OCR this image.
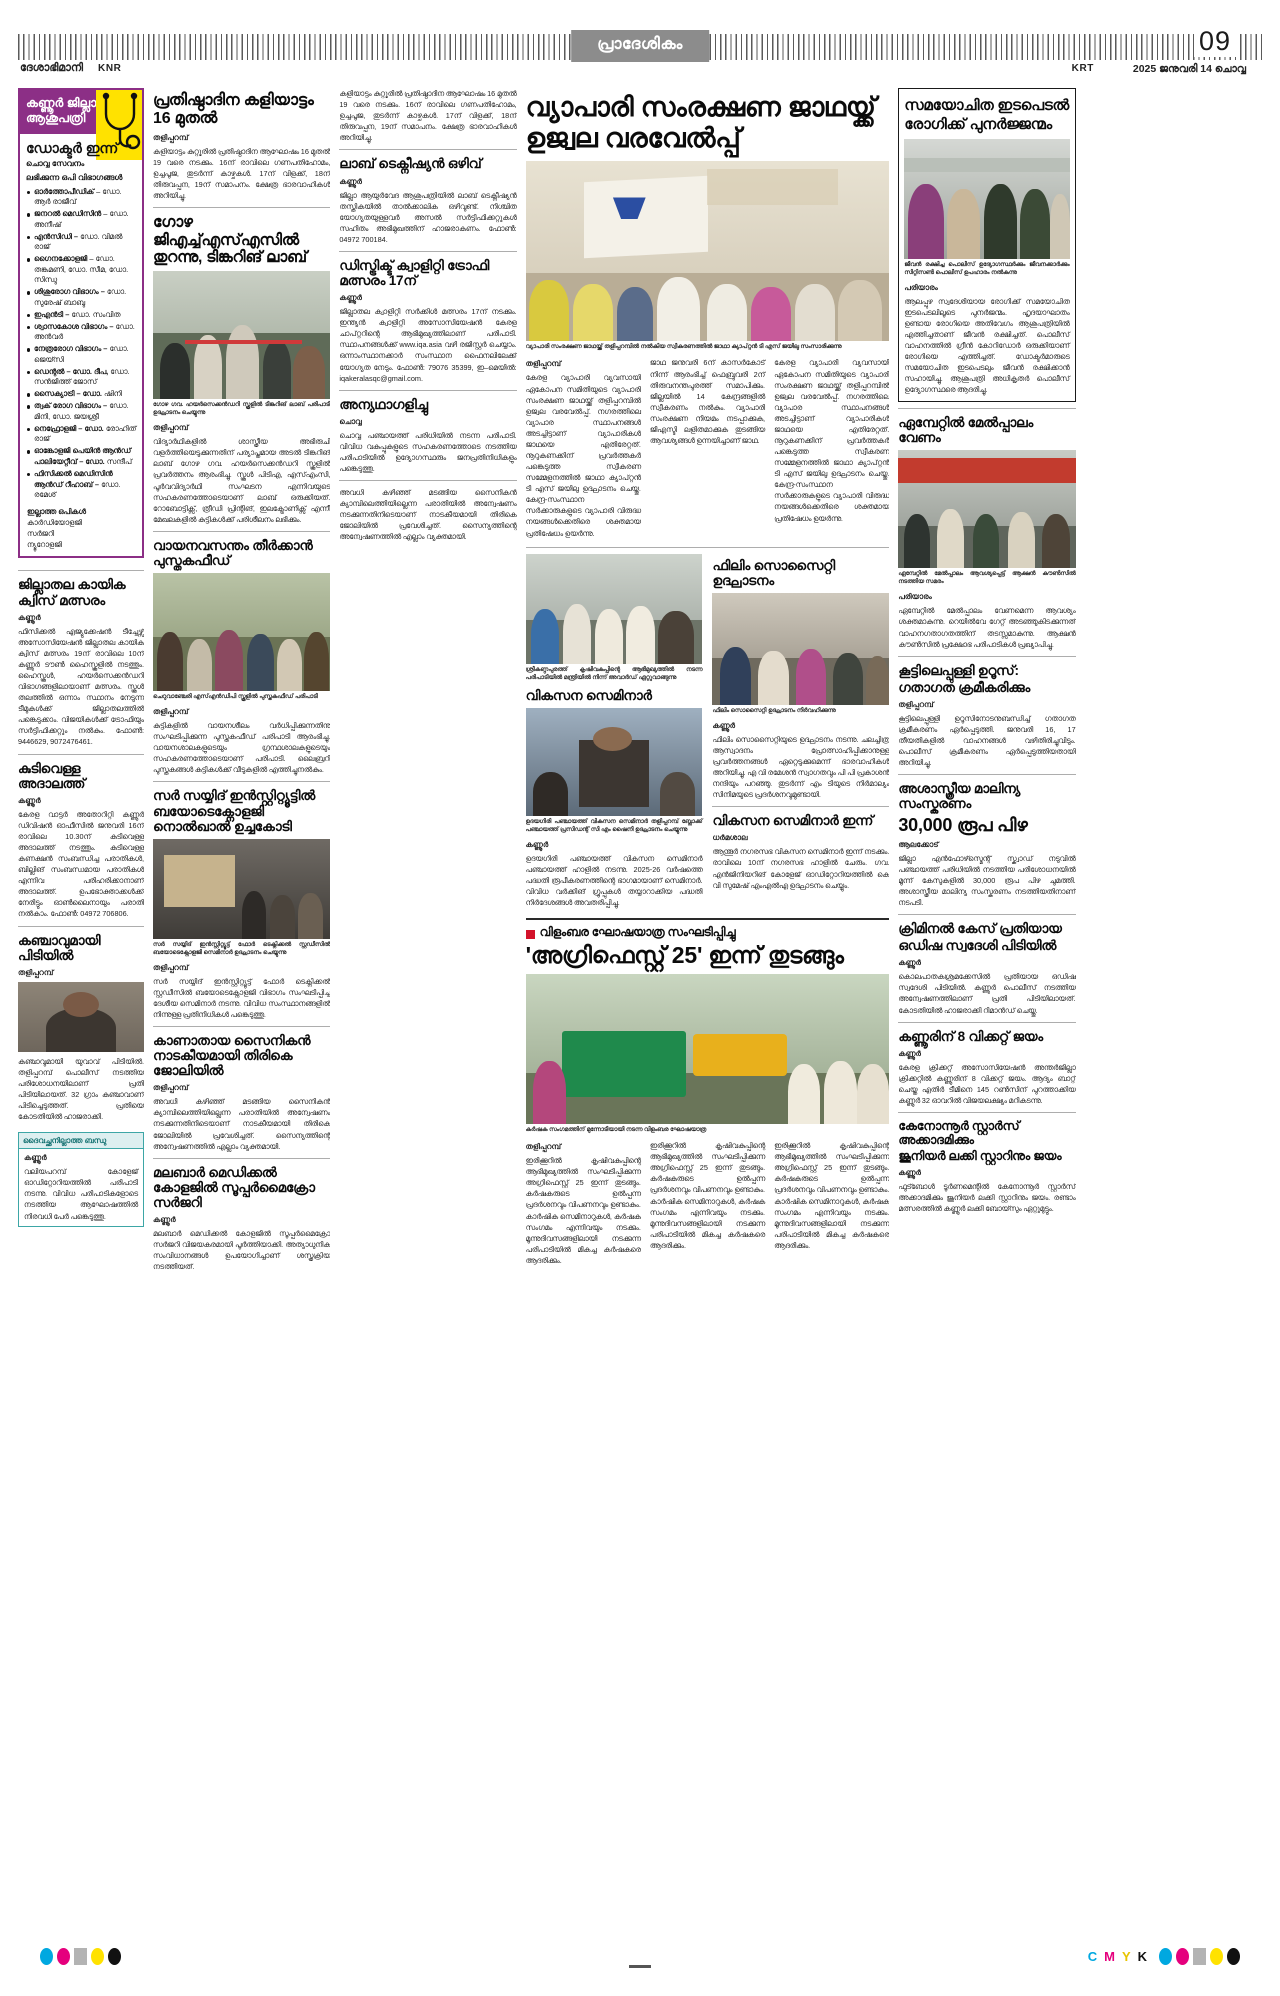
പ്രാദേശികം	09
ദേശാഭിമാനി KNR	KRT	2025 ജനുവരി 14 ചൊവ്വ
കണ്ണൂർ ജില്ലാ
ആശുപത്രി
ഡോക്ടർ ഇന്ന്
ചൊവ്വ സേവനം
ലഭിക്കുന്ന ഒപി വിഭാഗങ്ങൾ
ഓർത്തോപീഡിക് – ഡോ. ആർ രാജീവ്
ജനറൽ മെഡിസിൻ – ഡോ. അനീഷ്
എൻസിഡി – ഡോ. വിമൽ രാജ്
ഗൈനക്കോളജി – ഡോ. തങ്കമണി, ഡോ. സീമ, ഡോ. സിന്ധു
ശിശുരോഗ വിഭാഗം – ഡോ. സുരേഷ് ബാബു
ഇഎൻടി – ഡോ. സംവിത
ശ്വാസകോശ വിഭാഗം – ഡോ. അൻവർ
നേത്രരോഗ വിഭാഗം – ഡോ. ജെയ്സി
ഡെന്റൽ – ഡോ. ദീപ, ഡോ. സൻജിത്ത് ജോസ്
സൈക്യാട്രി – ഡോ. ഷിനി
ത്വക് രോഗ വിഭാഗം – ഡോ. മിനി, ഡോ. ജയശ്രീ
നെഫ്രോളജി – ഡോ. രോഹിത് രാജ്
ഓങ്കോളജി പെയിൻ ആൻഡ് പാലിയേറ്റീവ് – ഡോ. സന്ദീപ്
ഫിസിക്കൽ മെഡിസിൻ ആൻഡ് റീഹാബ് – ഡോ. രമേശ്
ഇല്ലാത്ത ഒപികൾ
കാർഡിയോളജി
സർജറി
ന്യൂറോളജി
ജില്ലാതല കായിക ക്വിസ് മത്സരം
കണ്ണൂർ
ഫിസിക്കൽ എജ്യുക്കേഷൻ ടീച്ചേഴ്സ് അസോസിയേഷൻ ജില്ലാതല കായിക ക്വിസ് മത്സരം 19ന് രാവിലെ 10ന് കണ്ണൂർ ടൗൺ ഹൈസ്കൂളിൽ നടത്തും. ഹൈസ്കൂൾ, ഹയർസെക്കൻഡറി വിഭാഗങ്ങളിലായാണ് മത്സരം. സ്കൂൾ തലത്തിൽ ഒന്നാം സ്ഥാനം നേടുന്ന ടീമുകൾക്ക് ജില്ലാതലത്തിൽ പങ്കെടുക്കാം. വിജയികൾക്ക് ട്രോഫിയും സർട്ടിഫിക്കറ്റും നൽകും. ഫോൺ: 9446629, 9072476461.
കുടിവെള്ള അദാലത്ത്
കണ്ണൂർ
കേരള വാട്ടർ അതോറിറ്റി കണ്ണൂർ ഡിവിഷൻ ഓഫീസിൽ ജനുവരി 16ന് രാവിലെ 10.30ന് കുടിവെള്ള അദാലത്ത് നടത്തും. കുടിവെള്ള കണക്ഷൻ സംബന്ധിച്ച പരാതികൾ, ബില്ലിങ് സംബന്ധമായ പരാതികൾ എന്നിവ പരിഹരിക്കാനാണ് അദാലത്ത്. ഉപഭോക്താക്കൾക്ക് നേരിട്ടും ഓൺലൈനായും പരാതി നൽകാം. ഫോൺ: 04972 706806.
കഞ്ചാവുമായി പിടിയിൽ
തളിപ്പറമ്പ്
കഞ്ചാവുമായി യുവാവ് പിടിയിൽ. തളിപ്പറമ്പ് പൊലീസ് നടത്തിയ പരിശോധനയിലാണ് പ്രതി പിടിയിലായത്. 32 ഗ്രാം കഞ്ചാവാണ് പിടിച്ചെടുത്തത്. പ്രതിയെ കോടതിയിൽ ഹാജരാക്കി.
ദൈവച്ഛനില്ലാത്ത ബന്ധു
കണ്ണൂർ
വലിയപറമ്പ് കോളേജ് ഓഡിറ്റോറിയത്തിൽ പരിപാടി നടന്നു. വിവിധ പരിപാടികളോടെ നടത്തിയ ആഘോഷത്തിൽ നിരവധി പേർ പങ്കെടുത്തു.
പ്രതിഷ്ഠാദിന കളിയാട്ടം 16 മുതൽ
തളിപ്പറമ്പ്
കളിയാട്ടം കുറ്റൂരിൽ പ്രതിഷ്ഠാദിന ആഘോഷം 16 മുതൽ 19 വരെ നടക്കും. 16ന് രാവിലെ ഗണപതിഹോമം, ഉച്ചപൂജ, തുടർന്ന് കാഴ്ചകൾ. 17ന് വിളക്ക്, 18ന് തിരുവപ്പന, 19ന് സമാപനം. ക്ഷേത്ര ഭാരവാഹികൾ അറിയിച്ചു.
ഗോഴ ജിഎച്ച്എസ്എസിൽ തുറന്നു, ടിങ്കറിങ് ലാബ്
ഗോഴ ഗവ. ഹയർസെക്കൻഡറി സ്കൂളിൽ ടിങ്കറിങ് ലാബ് പരിപാടി ഉദ്ഘാടനം ചെയ്യുന്നു
തളിപ്പറമ്പ്
വിദ്യാർഥികളിൽ ശാസ്ത്രീയ അഭിരുചി വളർത്തിയെടുക്കുന്നതിന് പര്യാപ്തമായ അടൽ ടിങ്കറിങ് ലാബ് ഗോഴ ഗവ. ഹയർസെക്കൻഡറി സ്കൂളിൽ പ്രവർത്തനം ആരംഭിച്ചു. സ്കൂൾ പിടിഎ, എസ്എംസി, പൂർവവിദ്യാർഥി സംഘടന എന്നിവയുടെ സഹകരണത്തോടെയാണ് ലാബ് ഒരുക്കിയത്. റോബോട്ടിക്സ്, ത്രീഡി പ്രിന്റിങ്, ഇലക്ട്രോണിക്സ് എന്നീ മേഖലകളിൽ കുട്ടികൾക്ക് പരിശീലനം ലഭിക്കും.
വായനവസന്തം തീർക്കാൻ പുസ്തകഫീഡ്
ചെറുവാഞ്ചേരി എസ്എൻഡിപി സ്കൂളിൽ പുസ്തകഫീഡ് പരിപാടി
തളിപ്പറമ്പ്
കുട്ടികളിൽ വായനശീലം വർധിപ്പിക്കുന്നതിനു സംഘടിപ്പിക്കുന്ന പുസ്തകഫീഡ് പരിപാടി ആരംഭിച്ചു. വായനശാലകളുടെയും ഗ്രന്ഥശാലകളുടെയും സഹകരണത്തോടെയാണ് പരിപാടി. ലൈബ്രറി പുസ്തകങ്ങൾ കുട്ടികൾക്ക് വീടുകളിൽ എത്തിച്ചുനൽകും.
സർ സയ്യിദ് ഇൻസ്റ്റിറ്റ്യൂട്ടിൽ ബയോടെക്നോളജി നൊൽഖാൽ ഉച്ചകോടി
സർ സയ്യിദ് ഇൻസ്റ്റിറ്റ്യൂട്ട് ഫോർ ടെക്നിക്കൽ സ്റ്റഡീസിൽ ബയോടെക്നോളജി സെമിനാർ ഉദ്ഘാടനം ചെയ്യുന്നു
തളിപ്പറമ്പ്
സർ സയ്യിദ് ഇൻസ്റ്റിറ്റ്യൂട്ട് ഫോർ ടെക്നിക്കൽ സ്റ്റഡീസിൽ ബയോടെക്നോളജി വിഭാഗം സംഘടിപ്പിച്ച ദേശീയ സെമിനാർ നടന്നു. വിവിധ സംസ്ഥാനങ്ങളിൽ നിന്നുള്ള പ്രതിനിധികൾ പങ്കെടുത്തു.
കാണാതായ സൈനികൻ നാടകീയമായി തിരികെ ജോലിയിൽ
തളിപ്പറമ്പ്
അവധി കഴിഞ്ഞ് മടങ്ങിയ സൈനികൻ ക്യാമ്പിലെത്തിയില്ലെന്ന പരാതിയിൽ അന്വേഷണം നടക്കുന്നതിനിടെയാണ് നാടകീയമായി തിരികെ ജോലിയിൽ പ്രവേശിച്ചത്. സൈന്യത്തിന്റെ അന്വേഷണത്തിൽ എല്ലാം വ്യക്തമായി.
മലബാർ മെഡിക്കൽ കോളജിൽ സൂപ്പർമൈക്രോ സർജറി
കണ്ണൂർ
മലബാർ മെഡിക്കൽ കോളജിൽ സൂപ്പർമൈക്രോ സർജറി വിജയകരമായി പൂർത്തിയാക്കി. അത്യാധുനിക സംവിധാനങ്ങൾ ഉപയോഗിച്ചാണ് ശസ്ത്രക്രിയ നടത്തിയത്.
കളിയാട്ടം കുറ്റൂരിൽ പ്രതിഷ്ഠാദിന ആഘോഷം 16 മുതൽ 19 വരെ നടക്കും. 16ന് രാവിലെ ഗണപതിഹോമം, ഉച്ചപൂജ, തുടർന്ന് കാഴ്ചകൾ. 17ന് വിളക്ക്, 18ന് തിരുവപ്പന, 19ന് സമാപനം. ക്ഷേത്ര ഭാരവാഹികൾ അറിയിച്ചു.
ലാബ് ടെക്നീഷ്യൻ ഒഴിവ്
കണ്ണൂർ
ജില്ലാ ആയുർവേദ ആശുപത്രിയിൽ ലാബ് ടെക്നീഷ്യൻ തസ്തികയിൽ താൽക്കാലിക ഒഴിവുണ്ട്. നിശ്ചിത യോഗ്യതയുള്ളവർ അസൽ സർട്ടിഫിക്കറ്റുകൾ സഹിതം അഭിമുഖത്തിന് ഹാജരാകണം. ഫോൺ: 04972 700184.
ഡിസ്ട്രിക്ട് ക്വാളിറ്റി ട്രോഫി മത്സരം 17ന്
കണ്ണൂർ
ജില്ലാതല ക്വാളിറ്റി സർക്കിൾ മത്സരം 17ന് നടക്കും. ഇന്ത്യൻ ക്വാളിറ്റി അസോസിയേഷൻ കേരള ചാപ്റ്ററിന്റെ ആഭിമുഖ്യത്തിലാണ് പരിപാടി. സ്ഥാപനങ്ങൾക്ക് www.iqa.asia വഴി രജിസ്റ്റർ ചെയ്യാം. ഒന്നാംസ്ഥാനക്കാർ സംസ്ഥാന ഫൈനലിലേക്ക് യോഗ്യത നേടും. ഫോൺ: 79076 35399, ഇ–മെയിൽ: iqakeralasqc@gmail.com.
അന്യഥാഗളിച്ചു
ചൊവ്വ
ചൊവ്വ പഞ്ചായത്ത് പരിധിയിൽ നടന്ന പരിപാടി. വിവിധ വകുപ്പുകളുടെ സഹകരണത്തോടെ നടത്തിയ പരിപാടിയിൽ ഉദ്യോഗസ്ഥരും ജനപ്രതിനിധികളും പങ്കെടുത്തു.
അവധി കഴിഞ്ഞ് മടങ്ങിയ സൈനികൻ ക്യാമ്പിലെത്തിയില്ലെന്ന പരാതിയിൽ അന്വേഷണം നടക്കുന്നതിനിടെയാണ് നാടകീയമായി തിരികെ ജോലിയിൽ പ്രവേശിച്ചത്. സൈന്യത്തിന്റെ അന്വേഷണത്തിൽ എല്ലാം വ്യക്തമായി.
വ്യാപാരി സംരക്ഷണ ജാഥയ്ക്ക്
ഉജ്വല വരവേൽപ്പ്
വ്യാപാരി സംരക്ഷണ ജാഥയ്ക്ക് തളിപ്പറമ്പിൽ നൽകിയ സ്വീകരണത്തിൽ ജാഥാ ക്യാപ്റ്റൻ ടി എസ് ജയിലു സംസാരിക്കുന്നു
തളിപ്പറമ്പ്
കേരള വ്യാപാരി വ്യവസായി ഏകോപന സമിതിയുടെ വ്യാപാരി സംരക്ഷണ ജാഥയ്ക്ക് തളിപ്പറമ്പിൽ ഉജ്വല വരവേൽപ്പ്. നഗരത്തിലെ വ്യാപാര സ്ഥാപനങ്ങൾ അടച്ചിട്ടാണ് വ്യാപാരികൾ ജാഥയെ എതിരേറ്റത്. നൂറുകണക്കിന് പ്രവർത്തകർ പങ്കെടുത്ത സ്വീകരണ സമ്മേളനത്തിൽ ജാഥാ ക്യാപ്റ്റൻ ടി എസ് ജയിലു ഉദ്ഘാടനം ചെയ്തു. കേന്ദ്ര-സംസ്ഥാന സർക്കാരുകളുടെ വ്യാപാരി വിരുദ്ധ നയങ്ങൾക്കെതിരെ ശക്തമായ പ്രതിഷേധം ഉയർന്നു.
ജാഥ ജനുവരി 6ന് കാസർകോട് നിന്ന് ആരംഭിച്ച് ഫെബ്രുവരി 2ന് തിരുവനന്തപുരത്ത് സമാപിക്കും. ജില്ലയിൽ 14 കേന്ദ്രങ്ങളിൽ സ്വീകരണം നൽകും. വ്യാപാരി സംരക്ഷണ നിയമം നടപ്പാക്കുക, ജിഎസ്ടി ലളിതമാക്കുക തുടങ്ങിയ ആവശ്യങ്ങൾ ഉന്നയിച്ചാണ് ജാഥ.
കേരള വ്യാപാരി വ്യവസായി ഏകോപന സമിതിയുടെ വ്യാപാരി സംരക്ഷണ ജാഥയ്ക്ക് തളിപ്പറമ്പിൽ ഉജ്വല വരവേൽപ്പ്. നഗരത്തിലെ വ്യാപാര സ്ഥാപനങ്ങൾ അടച്ചിട്ടാണ് വ്യാപാരികൾ ജാഥയെ എതിരേറ്റത്. നൂറുകണക്കിന് പ്രവർത്തകർ പങ്കെടുത്ത സ്വീകരണ സമ്മേളനത്തിൽ ജാഥാ ക്യാപ്റ്റൻ ടി എസ് ജയിലു ഉദ്ഘാടനം ചെയ്തു. കേന്ദ്ര-സംസ്ഥാന സർക്കാരുകളുടെ വ്യാപാരി വിരുദ്ധ നയങ്ങൾക്കെതിരെ ശക്തമായ പ്രതിഷേധം ഉയർന്നു.
ശ്രീകണ്ഠപുരത്ത് കൃഷിവകുപ്പിന്റെ ആഭിമുഖ്യത്തിൽ നടന്ന പരിപാടിയിൽ മന്ത്രിയിൽ നിന്ന് അവാർഡ് ഏറ്റുവാങ്ങുന്നു
വികസന സെമിനാർ
ഉദയഗിരി പഞ്ചായത്ത് വികസന സെമിനാർ തളിപ്പറമ്പ് ബ്ലോക്ക് പഞ്ചായത്ത് പ്രസിഡന്റ് സി എം ഷൈനി ഉദ്ഘാടനം ചെയ്യുന്നു
കണ്ണൂർ
ഉദയഗിരി പഞ്ചായത്ത് വികസന സെമിനാർ പഞ്ചായത്ത് ഹാളിൽ നടന്നു. 2025-26 വർഷത്തെ പദ്ധതി രൂപീകരണത്തിന്റെ ഭാഗമായാണ് സെമിനാർ. വിവിധ വർക്കിങ് ഗ്രൂപ്പുകൾ തയ്യാറാക്കിയ പദ്ധതി നിർദേശങ്ങൾ അവതരിപ്പിച്ചു.
ഫിലിം സൊസൈറ്റി ഉദ്ഘാടനം
ഫിലിം സൊസൈറ്റി ഉദ്ഘാടനം നിർവഹിക്കുന്നു
കണ്ണൂർ
ഫിലിം സൊസൈറ്റിയുടെ ഉദ്ഘാടനം നടന്നു. ചലച്ചിത്ര ആസ്വാദനം പ്രോത്സാഹിപ്പിക്കാനുള്ള പ്രവർത്തനങ്ങൾ ഏറ്റെടുക്കുമെന്ന് ഭാരവാഹികൾ അറിയിച്ചു. എ വി രമേശൻ സ്വാഗതവും പി പി പ്രകാശൻ നന്ദിയും പറഞ്ഞു. തുടർന്ന് എം ടിയുടെ നിർമാല്യം സിനിമയുടെ പ്രദർശനവുമുണ്ടായി.
വികസന സെമിനാർ ഇന്ന്
ധർമശാല
ആന്തൂർ നഗരസഭ വികസന സെമിനാർ ഇന്ന് നടക്കും. രാവിലെ 10ന് നഗരസഭ ഹാളിൽ ചേരും. ഗവ. എൻജിനിയറിങ് കോളേജ് ഓഡിറ്റോറിയത്തിൽ കെ വി സുമേഷ് എംഎൽഎ ഉദ്ഘാടനം ചെയ്യും.
വിളംബര ഘോഷയാത്ര സംഘടിപ്പിച്ചു
'അഗ്രിഫെസ്റ്റ് 25' ഇന്ന് തുടങ്ങും
കർഷക സംഗമത്തിന് മുന്നോടിയായി നടന്ന വിളംബര ഘോഷയാത്ര
തളിപ്പറമ്പ്
ഇരിക്കൂറിൽ കൃഷിവകുപ്പിന്റെ ആഭിമുഖ്യത്തിൽ സംഘടിപ്പിക്കുന്ന അഗ്രിഫെസ്റ്റ് 25 ഇന്ന് തുടങ്ങും. കർഷകരുടെ ഉൽപ്പന്ന പ്രദർശനവും വിപണനവും ഉണ്ടാകും. കാർഷിക സെമിനാറുകൾ, കർഷക സംഗമം എന്നിവയും നടക്കും. മൂന്നുദിവസങ്ങളിലായി നടക്കുന്ന പരിപാടിയിൽ മികച്ച കർഷകരെ ആദരിക്കും.
ഇരിക്കൂറിൽ കൃഷിവകുപ്പിന്റെ ആഭിമുഖ്യത്തിൽ സംഘടിപ്പിക്കുന്ന അഗ്രിഫെസ്റ്റ് 25 ഇന്ന് തുടങ്ങും. കർഷകരുടെ ഉൽപ്പന്ന പ്രദർശനവും വിപണനവും ഉണ്ടാകും. കാർഷിക സെമിനാറുകൾ, കർഷക സംഗമം എന്നിവയും നടക്കും. മൂന്നുദിവസങ്ങളിലായി നടക്കുന്ന പരിപാടിയിൽ മികച്ച കർഷകരെ ആദരിക്കും.
ഇരിക്കൂറിൽ കൃഷിവകുപ്പിന്റെ ആഭിമുഖ്യത്തിൽ സംഘടിപ്പിക്കുന്ന അഗ്രിഫെസ്റ്റ് 25 ഇന്ന് തുടങ്ങും. കർഷകരുടെ ഉൽപ്പന്ന പ്രദർശനവും വിപണനവും ഉണ്ടാകും. കാർഷിക സെമിനാറുകൾ, കർഷക സംഗമം എന്നിവയും നടക്കും. മൂന്നുദിവസങ്ങളിലായി നടക്കുന്ന പരിപാടിയിൽ മികച്ച കർഷകരെ ആദരിക്കും.
സമയോചിത ഇടപെടൽ
രോഗിക്ക് പുനർജ്ജന്മം
ജീവൻ രക്ഷിച്ച പൊലീസ് ഉദ്യോഗസ്ഥർക്കും ജീവനക്കാർക്കും സിറ്റിസൺ പൊലീസ് ഉപഹാരം നൽകുന്നു
പരിയാരം
ആലപ്പുഴ സ്വദേശിയായ രോഗിക്ക് സമയോചിത ഇടപെടലിലൂടെ പുനർജന്മം. ഹൃദയാഘാതം ഉണ്ടായ രോഗിയെ അതിവേഗം ആശുപത്രിയിൽ എത്തിച്ചതാണ് ജീവൻ രക്ഷിച്ചത്. പൊലീസ് വാഹനത്തിൽ ഗ്രീൻ കോറിഡോർ ഒരുക്കിയാണ് രോഗിയെ എത്തിച്ചത്. ഡോക്ടർമാരുടെ സമയോചിത ഇടപെടലും ജീവൻ രക്ഷിക്കാൻ സഹായിച്ചു. ആശുപത്രി അധികൃതർ പൊലീസ് ഉദ്യോഗസ്ഥരെ ആദരിച്ചു.
ഏമ്പേറ്റിൽ മേൽപ്പാലം വേണം
ഏമ്പേറ്റിൽ മേൽപ്പാലം ആവശ്യപ്പെട്ട് ആക്ഷൻ കൗൺസിൽ നടത്തിയ സമരം
പരിയാരം
ഏമ്പേറ്റിൽ മേൽപ്പാലം വേണമെന്ന ആവശ്യം ശക്തമാകുന്നു. റെയിൽവേ ഗേറ്റ് അടഞ്ഞുകിടക്കുന്നത് വാഹനഗതാഗതത്തിന് തടസ്സമാകുന്നു. ആക്ഷൻ കൗൺസിൽ പ്രക്ഷോഭ പരിപാടികൾ പ്രഖ്യാപിച്ചു.
കൂട്ടിലെപ്പുള്ളി ഉറൂസ്:
ഗതാഗത ക്രമീകരിക്കും
തളിപ്പറമ്പ്
കൂട്ടിലെപ്പുള്ളി ഉറൂസിനോടനുബന്ധിച്ച് ഗതാഗത ക്രമീകരണം ഏർപ്പെടുത്തി. ജനുവരി 16, 17 തീയതികളിൽ വാഹനങ്ങൾ വഴിതിരിച്ചുവിടും. പൊലീസ് ക്രമീകരണം ഏർപ്പെടുത്തിയതായി അറിയിച്ചു.
അശാസ്ത്രീയ മാലിന്യ സംസ്കരണം
30,000 രൂപ പിഴ
ആലക്കോട്
ജില്ലാ എൻഫോഴ്സ്മെന്റ് സ്ക്വാഡ് നടുവിൽ പഞ്ചായത്ത് പരിധിയിൽ നടത്തിയ പരിശോധനയിൽ മൂന്ന് കേസുകളിൽ 30,000 രൂപ പിഴ ചുമത്തി. അശാസ്ത്രീയ മാലിന്യ സംസ്കരണം നടത്തിയതിനാണ് നടപടി.
ക്രിമിനൽ കേസ് പ്രതിയായ
ഒഡിഷ സ്വദേശി പിടിയിൽ
കണ്ണൂർ
കൊലപാതകശ്രമക്കേസിൽ പ്രതിയായ ഒഡിഷ സ്വദേശി പിടിയിൽ. കണ്ണൂർ പൊലീസ് നടത്തിയ അന്വേഷണത്തിലാണ് പ്രതി പിടിയിലായത്. കോടതിയിൽ ഹാജരാക്കി റിമാൻഡ് ചെയ്തു.
കണ്ണൂരിന് 8 വിക്കറ്റ് ജയം
കണ്ണൂർ
കേരള ക്രിക്കറ്റ് അസോസിയേഷൻ അന്തർജില്ലാ ക്രിക്കറ്റിൽ കണ്ണൂരിന് 8 വിക്കറ്റ് ജയം. ആദ്യം ബാറ്റ് ചെയ്ത എതിർ ടീമിനെ 145 റൺസിന് പുറത്താക്കിയ കണ്ണൂർ 32 ഓവറിൽ വിജയലക്ഷ്യം മറികടന്നു.
കേനോന്നൂർ സ്റ്റാർസ് അക്കാദമിക്കും
ജൂനിയർ ലക്കി സ്റ്റാറിനും ജയം
കണ്ണൂർ
ഫുട്ബോൾ ടൂർണമെന്റിൽ കേനോന്നൂർ സ്റ്റാർസ് അക്കാദമിക്കും ജൂനിയർ ലക്കി സ്റ്റാറിനും ജയം. രണ്ടാം മത്സരത്തിൽ കണ്ണൂർ ലക്കി ബോയ്സും ഏറ്റുമുട്ടും.
C M Y K
